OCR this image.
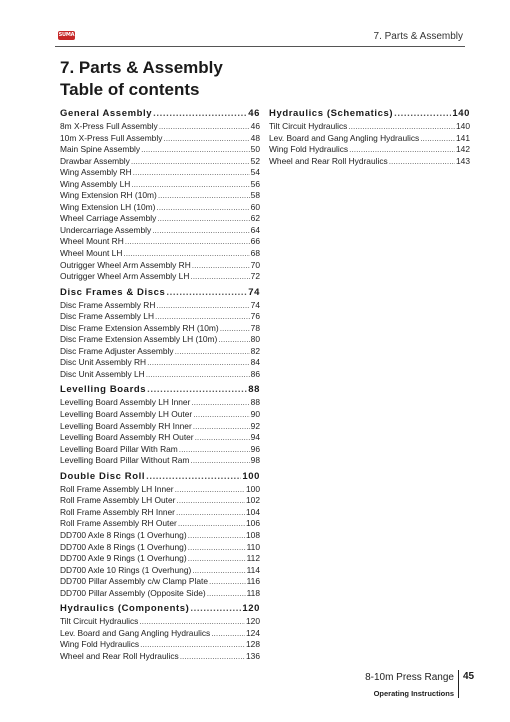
SUMA	7. Parts & Assembly
7. Parts & Assembly
Table of contents
General Assembly .....	46
8m X-Press Full Assembly .....	46
10m X-Press Full Assembly .....	48
Main Spine Assembly .....	50
Drawbar Assembly .....	52
Wing Assembly RH .....	54
Wing Assembly LH .....	56
Wing Extension RH (10m) .....	58
Wing Extension LH (10m) .....	60
Wheel Carriage Assembly .....	62
Undercarriage Assembly .....	64
Wheel Mount RH .....	66
Wheel Mount LH .....	68
Outrigger Wheel Arm Assembly RH .....	70
Outrigger Wheel Arm Assembly LH .....	72
Disc Frames & Discs .....	74
Disc Frame Assembly RH .....	74
Disc Frame Assembly LH .....	76
Disc Frame Extension Assembly RH (10m) .....	78
Disc Frame Extension Assembly LH (10m) .....	80
Disc Frame Adjuster Assembly .....	82
Disc Unit Assembly RH .....	84
Disc Unit Assembly LH .....	86
Levelling Boards .....	88
Levelling Board Assembly LH Inner .....	88
Levelling Board Assembly LH Outer .....	90
Levelling Board Assembly RH Inner .....	92
Levelling Board Assembly RH Outer .....	94
Levelling Board Pillar With Ram .....	96
Levelling Board Pillar Without Ram .....	98
Double Disc Roll .....	100
Roll Frame Assembly LH Inner .....	100
Roll Frame Assembly LH Outer .....	102
Roll Frame Assembly RH Inner .....	104
Roll Frame Assembly RH Outer .....	106
DD700 Axle 8 Rings (1 Overhung) .....	108
DD700 Axle 8 Rings (1 Overhung) .....	110
DD700 Axle 9 Rings (1 Overhung) .....	112
DD700 Axle 10 Rings (1 Overhung) .....	114
DD700 Pillar Assembly c/w Clamp Plate .....	116
DD700 Pillar Assembly (Opposite Side) .....	118
Hydraulics (Components) .....	120
Tilt Circuit Hydraulics .....	120
Lev. Board and Gang Angling Hydraulics .....	124
Wing Fold Hydraulics .....	128
Wheel and Rear Roll Hydraulics .....	136
Hydraulics (Schematics) .....	140
Tilt Circuit Hydraulics .....	140
Lev. Board and Gang Angling Hydraulics .....	141
Wing Fold Hydraulics .....	142
Wheel and Rear Roll Hydraulics .....	143
8-10m Press Range
Operating Instructions
45
